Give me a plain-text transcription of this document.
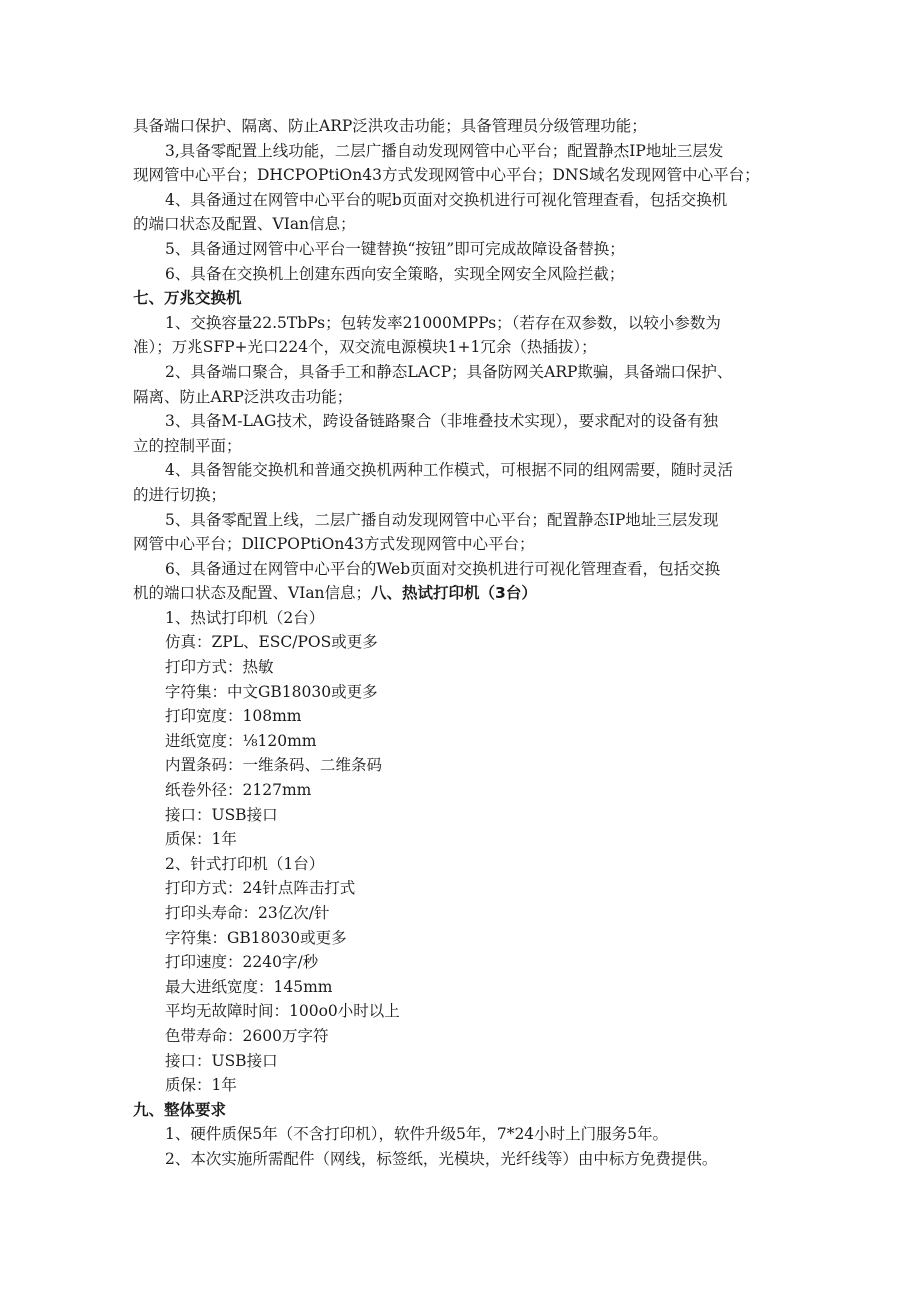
具备端口保护、隔离、防止ARP泛洪攻击功能；具备管理员分级管理功能；
3,具备零配置上线功能，二层广播自动发现网管中心平台；配置静杰IP地址三层发
现网管中心平台；DHCPOPtiOn43方式发现网管中心平台；DNS域名发现网管中心平台；
4、具备通过在网管中心平台的呢b页面对交换机进行可视化管理查看，包括交换机
的端口状态及配置、VIan信息；
5、具备通过网管中心平台一键替换“按钮”即可完成故障设备替换；
6、具备在交换机上创建东西向安全策略，实现全网安全风险拦截；
七、万兆交换机
1、交换容量22.5TbPs；包转发率21000MPPs；（若存在双参数，以较小参数为
准）；万兆SFP+光口224个，双交流电源模块1+1冗余（热插拔）；
2、具备端口聚合，具备手工和静态LACP；具备防网关ARP欺骗，具备端口保护、
隔离、防止ARP泛洪攻击功能；
3、具备M-LAG技术，跨设备链路聚合（非堆叠技术实现），要求配对的设备有独
立的控制平面；
4、具备智能交换机和普通交换机两种工作模式，可根据不同的组网需要，随时灵活
的进行切换；
5、具备零配置上线，二层广播自动发现网管中心平台；配置静态IP地址三层发现
网管中心平台；DlICPOPtiOn43方式发现网管中心平台；
6、具备通过在网管中心平台的Web页面对交换机进行可视化管理查看，包括交换
机的端口状态及配置、VIan信息；八、热试打印机（3台）
1、热试打印机（2台）
仿真：ZPL、ESC/POS或更多
打印方式：热敏
字符集：中文GB18030或更多
打印宽度：108mm
进纸宽度：⅛120mm
内置条码：一维条码、二维条码
纸卷外径：2127mm
接口：USB接口
质保：1年
2、针式打印机（1台）
打印方式：24针点阵击打式
打印头寿命：23亿次/针
字符集：GB18030或更多
打印速度：2240字/秒
最大进纸宽度：145mm
平均无故障时间：100o0小时以上
色带寿命：2600万字符
接口：USB接口
质保：1年
九、整体要求
1、硬件质保5年（不含打印机），软件升级5年，7*24小时上门服务5年。
2、本次实施所需配件（网线，标签纸，光模块，光纤线等）由中标方免费提供。
